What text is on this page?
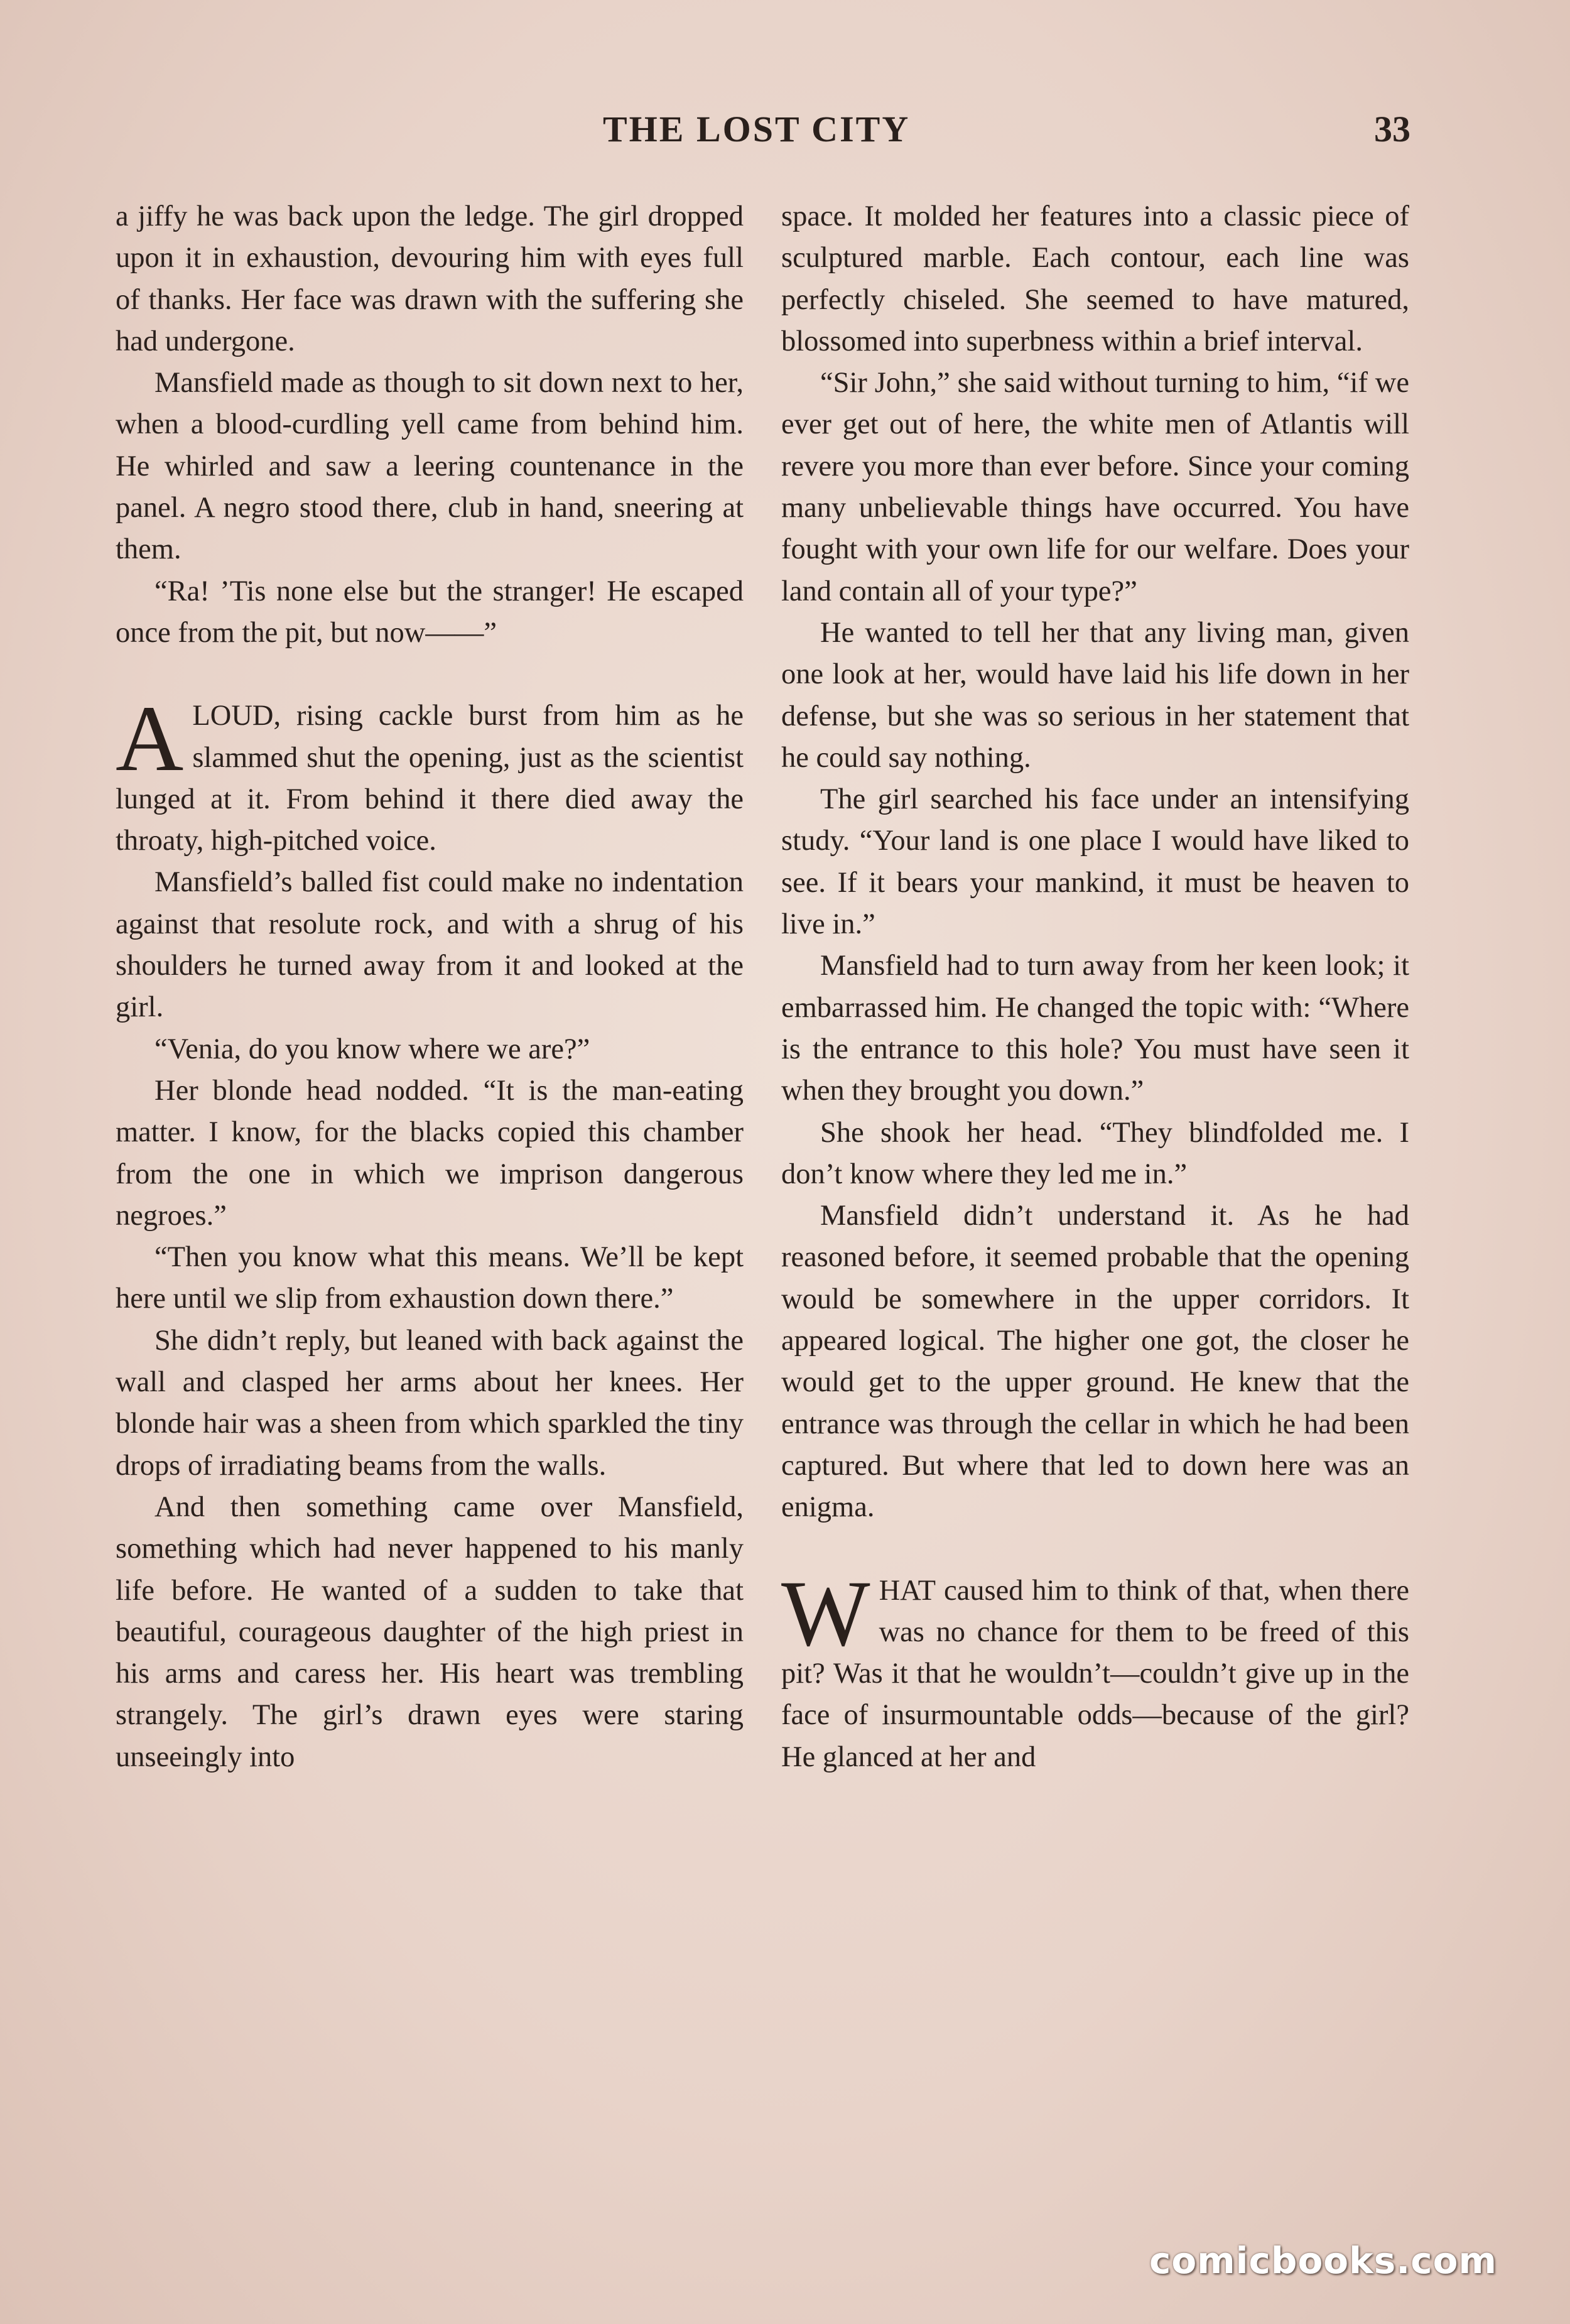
THE LOST CITY	33

a jiffy he was back upon the ledge. The girl dropped upon it in exhaustion, devouring him with eyes full of thanks. Her face was drawn with the suffering she had undergone.

Mansfield made as though to sit down next to her, when a blood-curdling yell came from behind him. He whirled and saw a leering countenance in the panel. A negro stood there, club in hand, sneering at them.

“Ra! ’Tis none else but the stranger! He escaped once from the pit, but now——”

ALOUD, rising cackle burst from him as he slammed shut the opening, just as the scientist lunged at it. From behind it there died away the throaty, high-pitched voice.

Mansfield’s balled fist could make no indentation against that resolute rock, and with a shrug of his shoulders he turned away from it and looked at the girl.

“Venia, do you know where we are?”

Her blonde head nodded. “It is the man-eating matter. I know, for the blacks copied this chamber from the one in which we imprison dangerous negroes.”

“Then you know what this means. We’ll be kept here until we slip from exhaustion down there.”

She didn’t reply, but leaned with back against the wall and clasped her arms about her knees. Her blonde hair was a sheen from which sparkled the tiny drops of irradiating beams from the walls.

And then something came over Mansfield, something which had never happened to his manly life before. He wanted of a sudden to take that beautiful, courageous daughter of the high priest in his arms and caress her. His heart was trembling strangely. The girl’s drawn eyes were staring unseeingly into

space. It molded her features into a classic piece of sculptured marble. Each contour, each line was perfectly chiseled. She seemed to have matured, blossomed into superbness within a brief interval.

“Sir John,” she said without turning to him, “if we ever get out of here, the white men of Atlantis will revere you more than ever before. Since your coming many unbelievable things have occurred. You have fought with your own life for our welfare. Does your land contain all of your type?”

He wanted to tell her that any living man, given one look at her, would have laid his life down in her defense, but she was so serious in her statement that he could say nothing.

The girl searched his face under an intensifying study. “Your land is one place I would have liked to see. If it bears your mankind, it must be heaven to live in.”

Mansfield had to turn away from her keen look; it embarrassed him. He changed the topic with: “Where is the entrance to this hole? You must have seen it when they brought you down.”

She shook her head. “They blindfolded me. I don’t know where they led me in.”

Mansfield didn’t understand it. As he had reasoned before, it seemed probable that the opening would be somewhere in the upper corridors. It appeared logical. The higher one got, the closer he would get to the upper ground. He knew that the entrance was through the cellar in which he had been captured. But where that led to down here was an enigma.

WHAT caused him to think of that, when there was no chance for them to be freed of this pit? Was it that he wouldn’t—couldn’t give up in the face of insurmountable odds—because of the girl? He glanced at her and

comicbooks.com
